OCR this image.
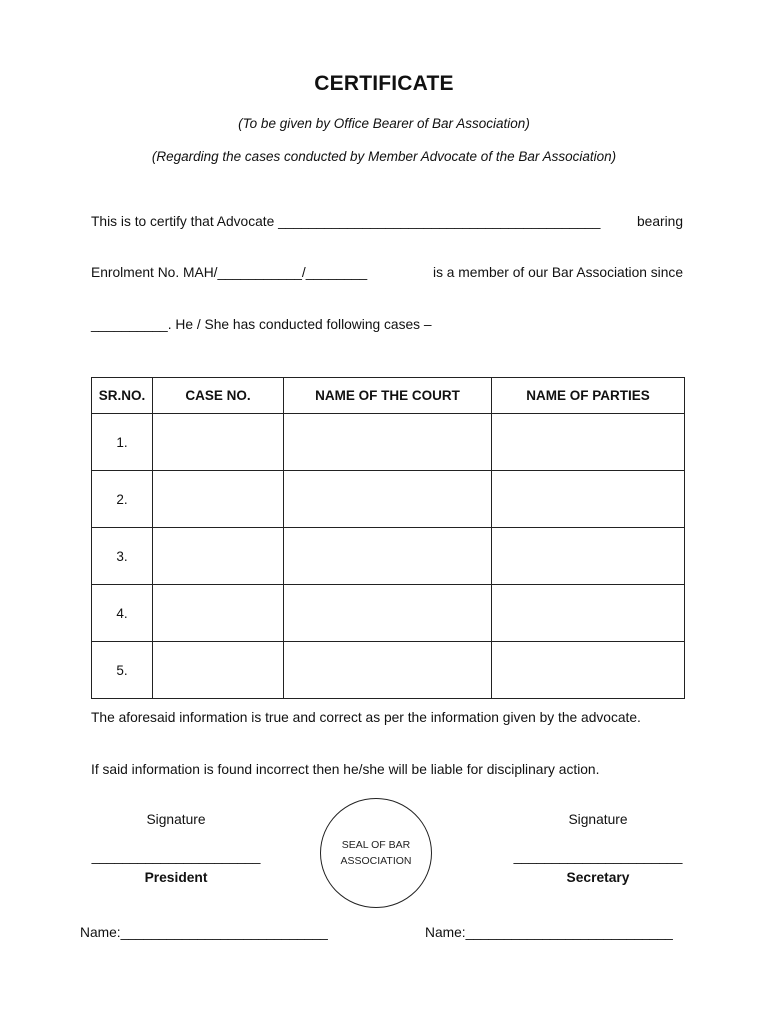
CERTIFICATE
(To be given by Office Bearer of Bar Association)
(Regarding the cases conducted by Member Advocate of the Bar Association)
This is to certify that Advocate __________________________________________	bearing
Enrolment No. MAH/___________/________	is a member of our Bar Association since
__________. He / She has conducted following cases –
SR.NO.	CASE NO.	NAME OF THE COURT	NAME OF PARTIES
1.			
2.			
3.			
4.			
5.			
The aforesaid information is true and correct as per the information given by the advocate.
If said information is found incorrect then he/she will be liable for disciplinary action.
Signature
______________________
President
SEAL OF BAR
ASSOCIATION
Signature
______________________
Secretary
Name:___________________________	Name:___________________________
